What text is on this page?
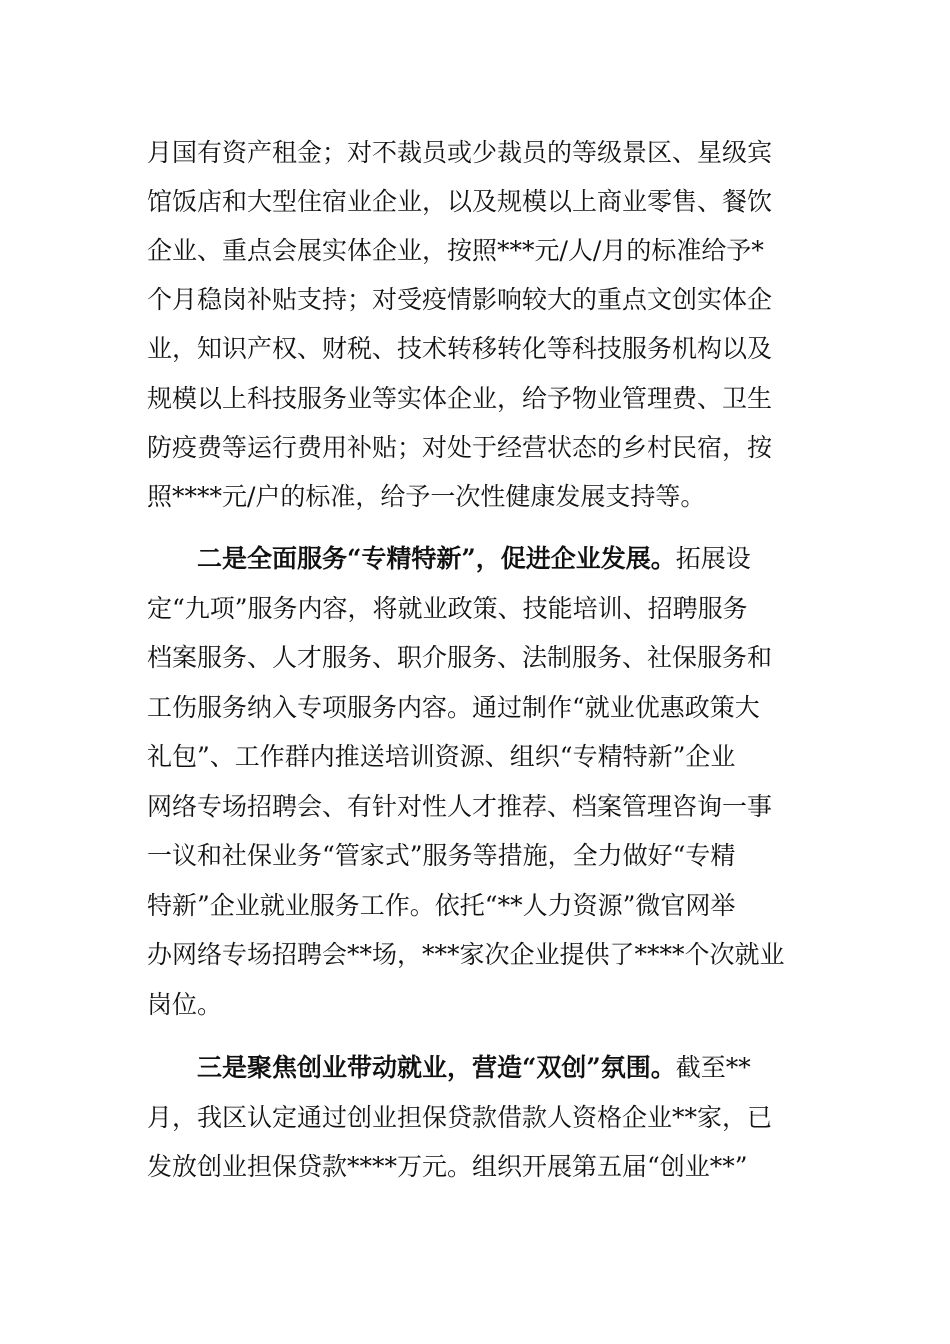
月国有资产租金；对不裁员或少裁员的等级景区、星级宾
馆饭店和大型住宿业企业，以及规模以上商业零售、餐饮
企业、重点会展实体企业，按照***元/人/月的标准给予*
个月稳岗补贴支持；对受疫情影响较大的重点文创实体企
业，知识产权、财税、技术转移转化等科技服务机构以及
规模以上科技服务业等实体企业，给予物业管理费、卫生
防疫费等运行费用补贴；对处于经营状态的乡村民宿，按
照****元/户的标准，给予一次性健康发展支持等。
二是全面服务“专精特新”，促进企业发展。拓展设
定“九项”服务内容，将就业政策、技能培训、招聘服务
档案服务、人才服务、职介服务、法制服务、社保服务和
工伤服务纳入专项服务内容。通过制作“就业优惠政策大
礼包”、工作群内推送培训资源、组织“专精特新”企业
网络专场招聘会、有针对性人才推荐、档案管理咨询一事
一议和社保业务“管家式”服务等措施，全力做好“专精
特新”企业就业服务工作。依托“**人力资源”微官网举
办网络专场招聘会**场，***家次企业提供了****个次就业
岗位。
三是聚焦创业带动就业，营造“双创”氛围。截至**
月，我区认定通过创业担保贷款借款人资格企业**家，已
发放创业担保贷款****万元。组织开展第五届“创业**”
